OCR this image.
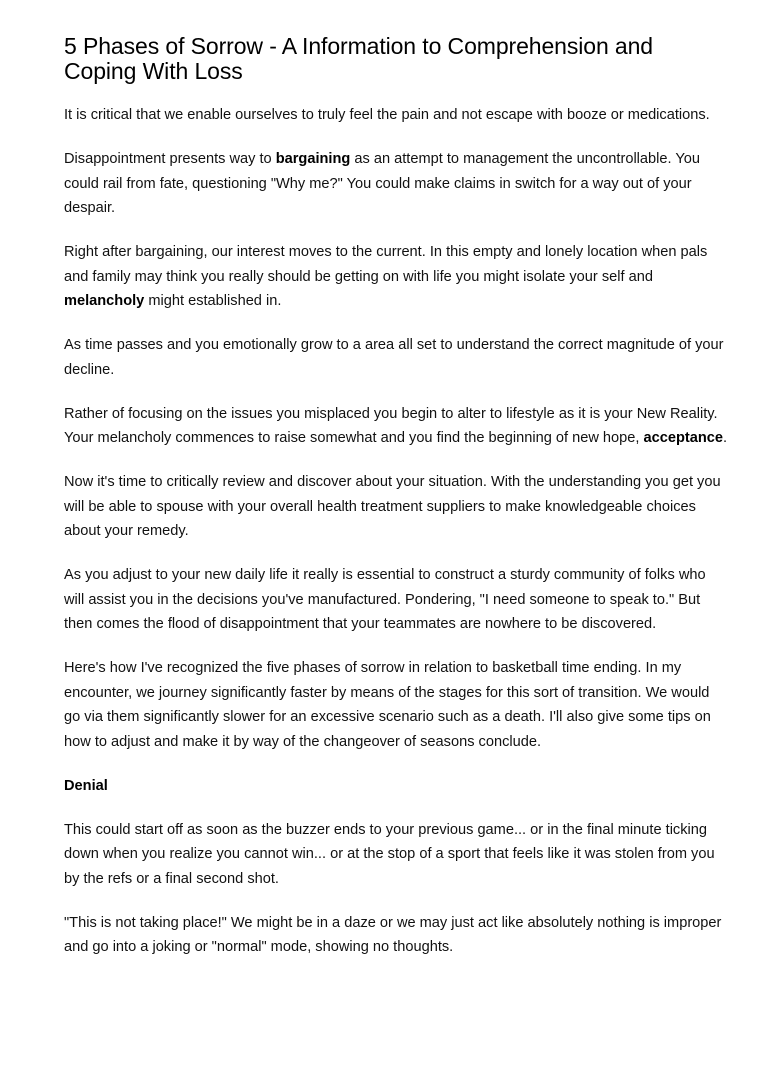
5 Phases of Sorrow - A Information to Comprehension and Coping With Loss

It is critical that we enable ourselves to truly feel the pain and not escape with booze or medications.

Disappointment presents way to bargaining as an attempt to management the uncontrollable. You could rail from fate, questioning "Why me?" You could make claims in switch for a way out of your despair.

Right after bargaining, our interest moves to the current. In this empty and lonely location when pals and family may think you really should be getting on with life you might isolate your self and melancholy might established in.

As time passes and you emotionally grow to a area all set to understand the correct magnitude of your decline.

Rather of focusing on the issues you misplaced you begin to alter to lifestyle as it is your New Reality. Your melancholy commences to raise somewhat and you find the beginning of new hope, acceptance.

Now it's time to critically review and discover about your situation. With the understanding you get you will be able to spouse with your overall health treatment suppliers to make knowledgeable choices about your remedy.

As you adjust to your new daily life it really is essential to construct a sturdy community of folks who will assist you in the decisions you've manufactured. Pondering, "I need someone to speak to." But then comes the flood of disappointment that your teammates are nowhere to be discovered.

Here's how I've recognized the five phases of sorrow in relation to basketball time ending. In my encounter, we journey significantly faster by means of the stages for this sort of transition. We would go via them significantly slower for an excessive scenario such as a death. I'll also give some tips on how to adjust and make it by way of the changeover of seasons conclude.

Denial

This could start off as soon as the buzzer ends to your previous game... or in the final minute ticking down when you realize you cannot win... or at the stop of a sport that feels like it was stolen from you by the refs or a final second shot.

"This is not taking place!" We might be in a daze or we may just act like absolutely nothing is improper and go into a joking or "normal" mode, showing no thoughts.
